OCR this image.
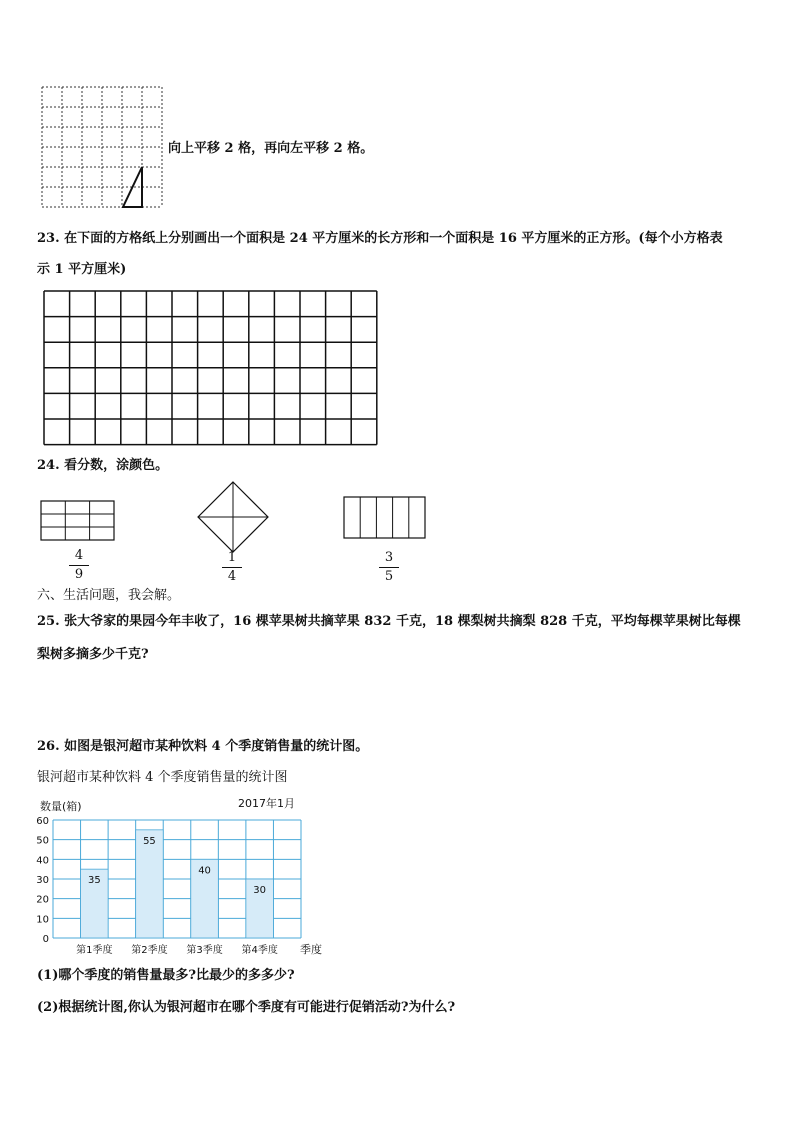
向上平移 2 格，再向左平移 2 格。
23. 在下面的方格纸上分别画出一个面积是 24 平方厘米的长方形和一个面积是 16 平方厘米的正方形。(每个小方格表
示 1 平方厘米)
24. 看分数，涂颜色。
4
9
1
4
3
5
六、生活问题，我会解。
25. 张大爷家的果园今年丰收了，16 棵苹果树共摘苹果 832 千克，18 棵梨树共摘梨 828 千克，平均每棵苹果树比每棵
梨树多摘多少千克?
26. 如图是银河超市某种饮料 4 个季度销售量的统计图。
银河超市某种饮料 4 个季度销售量的统计图
数量(箱)	2017年1月
季度
0
10
20
30
40
50
60
35
第1季度
55
第2季度
40
第3季度
30
第4季度
(1)哪个季度的销售量最多?比最少的多多少?
(2)根据统计图,你认为银河超市在哪个季度有可能进行促销活动?为什么?
